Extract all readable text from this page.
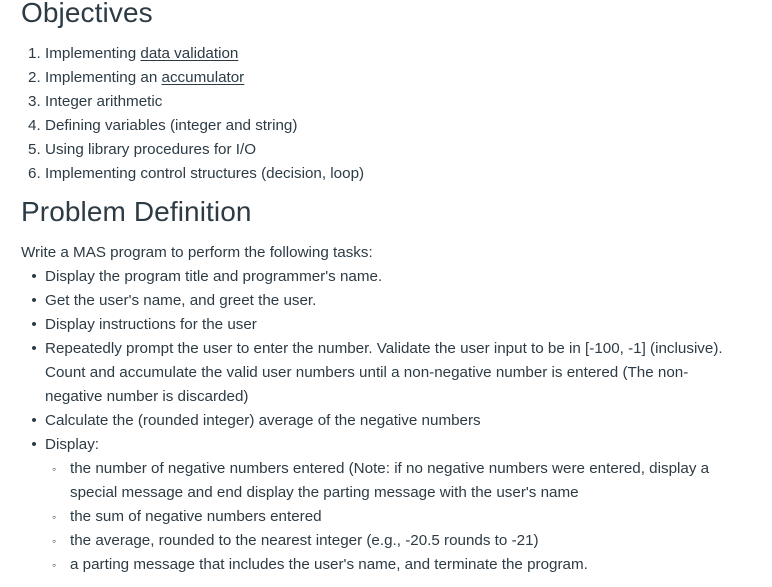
Objectives
1. Implementing data validation
2. Implementing an accumulator
3. Integer arithmetic
4. Defining variables (integer and string)
5. Using library procedures for I/O
6. Implementing control structures (decision, loop)
Problem Definition

Write a MAS program to perform the following tasks:

• Display the program title and programmer's name.
• Get the user's name, and greet the user.
• Display instructions for the user
• Repeatedly prompt the user to enter the number. Validate the user input to be in [-100, -1] (inclusive). Count and accumulate the valid user numbers until a non-negative number is entered (The non-negative number is discarded)
• Calculate the (rounded integer) average of the negative numbers
• Display:
◦ the number of negative numbers entered (Note: if no negative numbers were entered, display a special message and end display the parting message with the user's name
◦ the sum of negative numbers entered
◦ the average, rounded to the nearest integer (e.g., -20.5 rounds to -21)
◦ a parting message that includes the user's name, and terminate the program.
